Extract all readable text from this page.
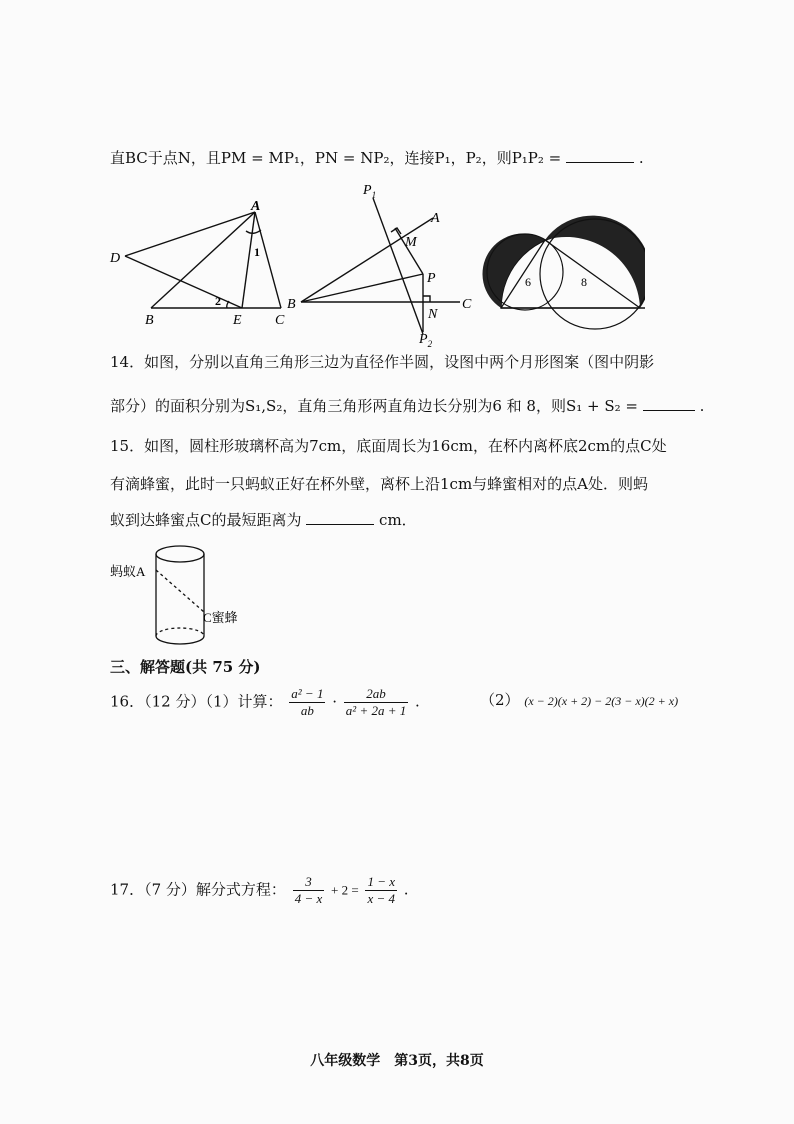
直BC于点N，且PM = MP₁，PN = NP₂，连接P₁，P₂，则P₁P₂ =	.
A
D
B	E C
1
2
$P_1$
A
M
P
B
N
C
$P_2$
6	8
14．如图，分别以直角三角形三边为直径作半圆，设图中两个月形图案（图中阴影
部分）的面积分别为S₁,S₂，直角三角形两直角边长分别为6 和 8，则S₁ + S₂ =	.
15．如图，圆柱形玻璃杯高为7cm，底面周长为16cm，在杯内离杯底2cm的点C处
有滴蜂蜜，此时一只蚂蚁正好在杯外壁，离杯上沿1cm与蜂蜜相对的点A处．则蚂
蚁到达蜂蜜点C的最短距离为	cm．
蚂蚁A
C蜜蜂
三、解答题(共 75 分)
16．（12 分）（1）计算： $\frac{\text{a² − 1}}{ab} \cdot \frac{2ab}{\text{a² + 2a + 1}}$ .	（2） (x − 2)(x + 2) − 2(3 − x)(2 + x)
17．（7 分）解分式方程： $\frac{3}{4 - x} + 2 = \frac{1 - x}{x - 4}$ .
八年级数学　第3页，共8页
